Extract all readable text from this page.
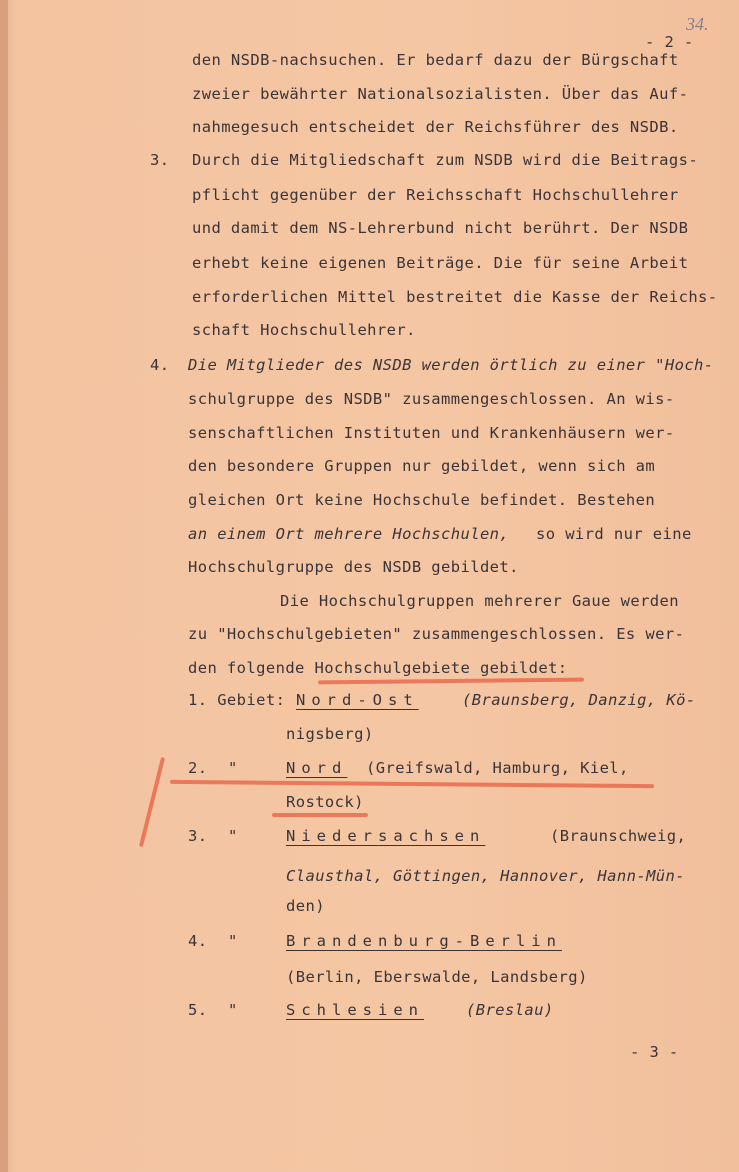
- 2 -
34.
den NSDB-nachsuchen. Er bedarf dazu der Bürgschaft
zweier bewährter Nationalsozialisten. Über das Auf-
nahmegesuch entscheidet der Reichsführer des NSDB.
3. Durch die Mitgliedschaft zum NSDB wird die Beitrags-
pflicht gegenüber der Reichsschaft Hochschullehrer
und damit dem NS-Lehrerbund nicht berührt. Der NSDB
erhebt keine eigenen Beiträge. Die für seine Arbeit
erforderlichen Mittel bestreitet die Kasse der Reichs-
schaft Hochschullehrer.
4. Die Mitglieder des NSDB werden örtlich zu einer "Hoch-
schulgruppe des NSDB" zusammengeschlossen. An wis-
senschaftlichen Instituten und Krankenhäusern wer-
den besondere Gruppen nur gebildet, wenn sich am
gleichen Ort keine Hochschule befindet. Bestehen
an einem Ort mehrere Hochschulen, so wird nur eine
Hochschulgruppe des NSDB gebildet.
Die Hochschulgruppen mehrerer Gaue werden
zu "Hochschulgebieten" zusammengeschlossen. Es wer-
den folgende Hochschulgebiete gebildet:
1. Gebiet: Nord-Ost	(Braunsberg, Danzig, Kö-
nigsberg)
2. "	Nord (Greifswald, Hamburg, Kiel,
Rostock)
3. "	Niedersachsen	(Braunschweig,
Clausthal, Göttingen, Hannover, Hann-Mün-
den)
4. "	Brandenburg-Berlin
(Berlin, Eberswalde, Landsberg)
5. "	Schlesien	(Breslau)
- 3 -
